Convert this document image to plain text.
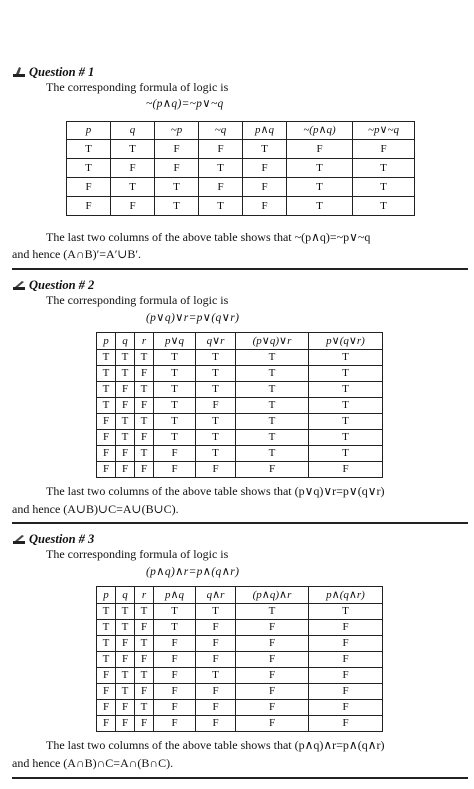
Question # 1
The corresponding formula of logic is
~(p∧q)=~p∨~q
p	q	~p	~q	p∧q	~(p∧q)	~p∨~q
T	T	F	F	T	F	F
T	F	F	T	F	T	T
F	T	T	F	F	T	T
F	F	T	T	F	T	T
The last two columns of the above table shows that ~(p∧q)=~p∨~q
and hence (A∩B)′=A′∪B′.
Question # 2
The corresponding formula of logic is
(p∨q)∨r=p∨(q∨r)
p	q	r	p∨q	q∨r	(p∨q)∨r	p∨(q∨r)
T	T	T	T	T	T	T
T	T	F	T	T	T	T
T	F	T	T	T	T	T
T	F	F	T	F	T	T
F	T	T	T	T	T	T
F	T	F	T	T	T	T
F	F	T	F	T	T	T
F	F	F	F	F	F	F
The last two columns of the above table shows that (p∨q)∨r=p∨(q∨r)
and hence (A∪B)∪C=A∪(B∪C).
Question # 3
The corresponding formula of logic is
(p∧q)∧r=p∧(q∧r)
p	q	r	p∧q	q∧r	(p∧q)∧r	p∧(q∧r)
T	T	T	T	T	T	T
T	T	F	T	F	F	F
T	F	T	F	F	F	F
T	F	F	F	F	F	F
F	T	T	F	T	F	F
F	T	F	F	F	F	F
F	F	T	F	F	F	F
F	F	F	F	F	F	F
The last two columns of the above table shows that (p∧q)∧r=p∧(q∧r)
and hence (A∩B)∩C=A∩(B∩C).
